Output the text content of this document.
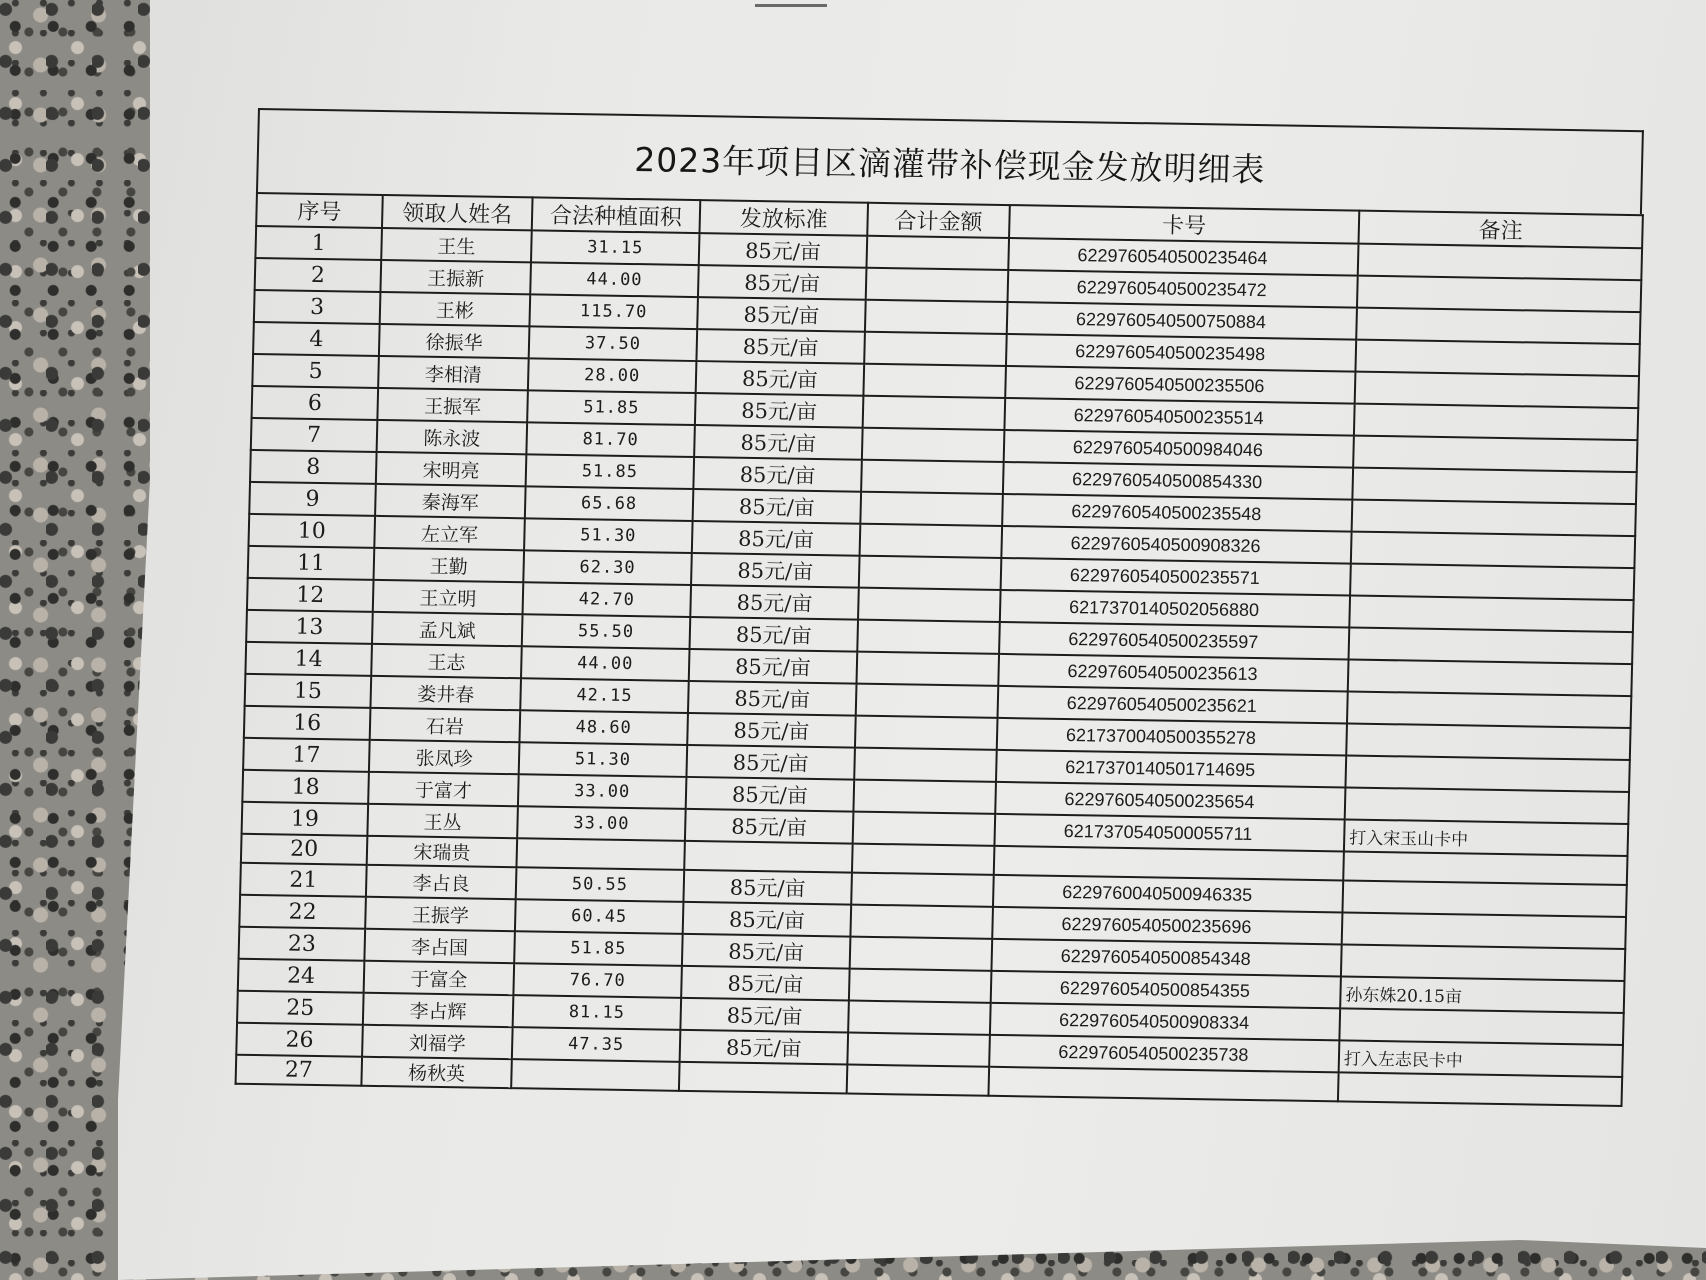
2023年项目区滴灌带补偿现金发放明细表
序号	领取人姓名	合法种植面积	发放标准	合计金额	卡号	备注
1	王生	31.15	85元/亩		6229760540500235464	
2	王振新	44.00	85元/亩		6229760540500235472	
3	王彬	115.70	85元/亩		6229760540500750884	
4	徐振华	37.50	85元/亩		6229760540500235498	
5	李相清	28.00	85元/亩		6229760540500235506	
6	王振军	51.85	85元/亩		6229760540500235514	
7	陈永波	81.70	85元/亩		6229760540500984046	
8	宋明亮	51.85	85元/亩		6229760540500854330	
9	秦海军	65.68	85元/亩		6229760540500235548	
10	左立军	51.30	85元/亩		6229760540500908326	
11	王勤	62.30	85元/亩		6229760540500235571	
12	王立明	42.70	85元/亩		6217370140502056880	
13	孟凡斌	55.50	85元/亩		6229760540500235597	
14	王志	44.00	85元/亩		6229760540500235613	
15	娄井春	42.15	85元/亩		6229760540500235621	
16	石岩	48.60	85元/亩		6217370040500355278	
17	张凤珍	51.30	85元/亩		6217370140501714695	
18	于富才	33.00	85元/亩		6229760540500235654	
19	王丛	33.00	85元/亩		6217370540500055711	打入宋玉山卡中
20	宋瑞贵					
21	李占良	50.55	85元/亩		6229760040500946335	
22	王振学	60.45	85元/亩		6229760540500235696	
23	李占国	51.85	85元/亩		6229760540500854348	
24	于富全	76.70	85元/亩		6229760540500854355	孙东姝20.15亩
25	李占辉	81.15	85元/亩		6229760540500908334	
26	刘福学	47.35	85元/亩		6229760540500235738	打入左志民卡中
27	杨秋英					
